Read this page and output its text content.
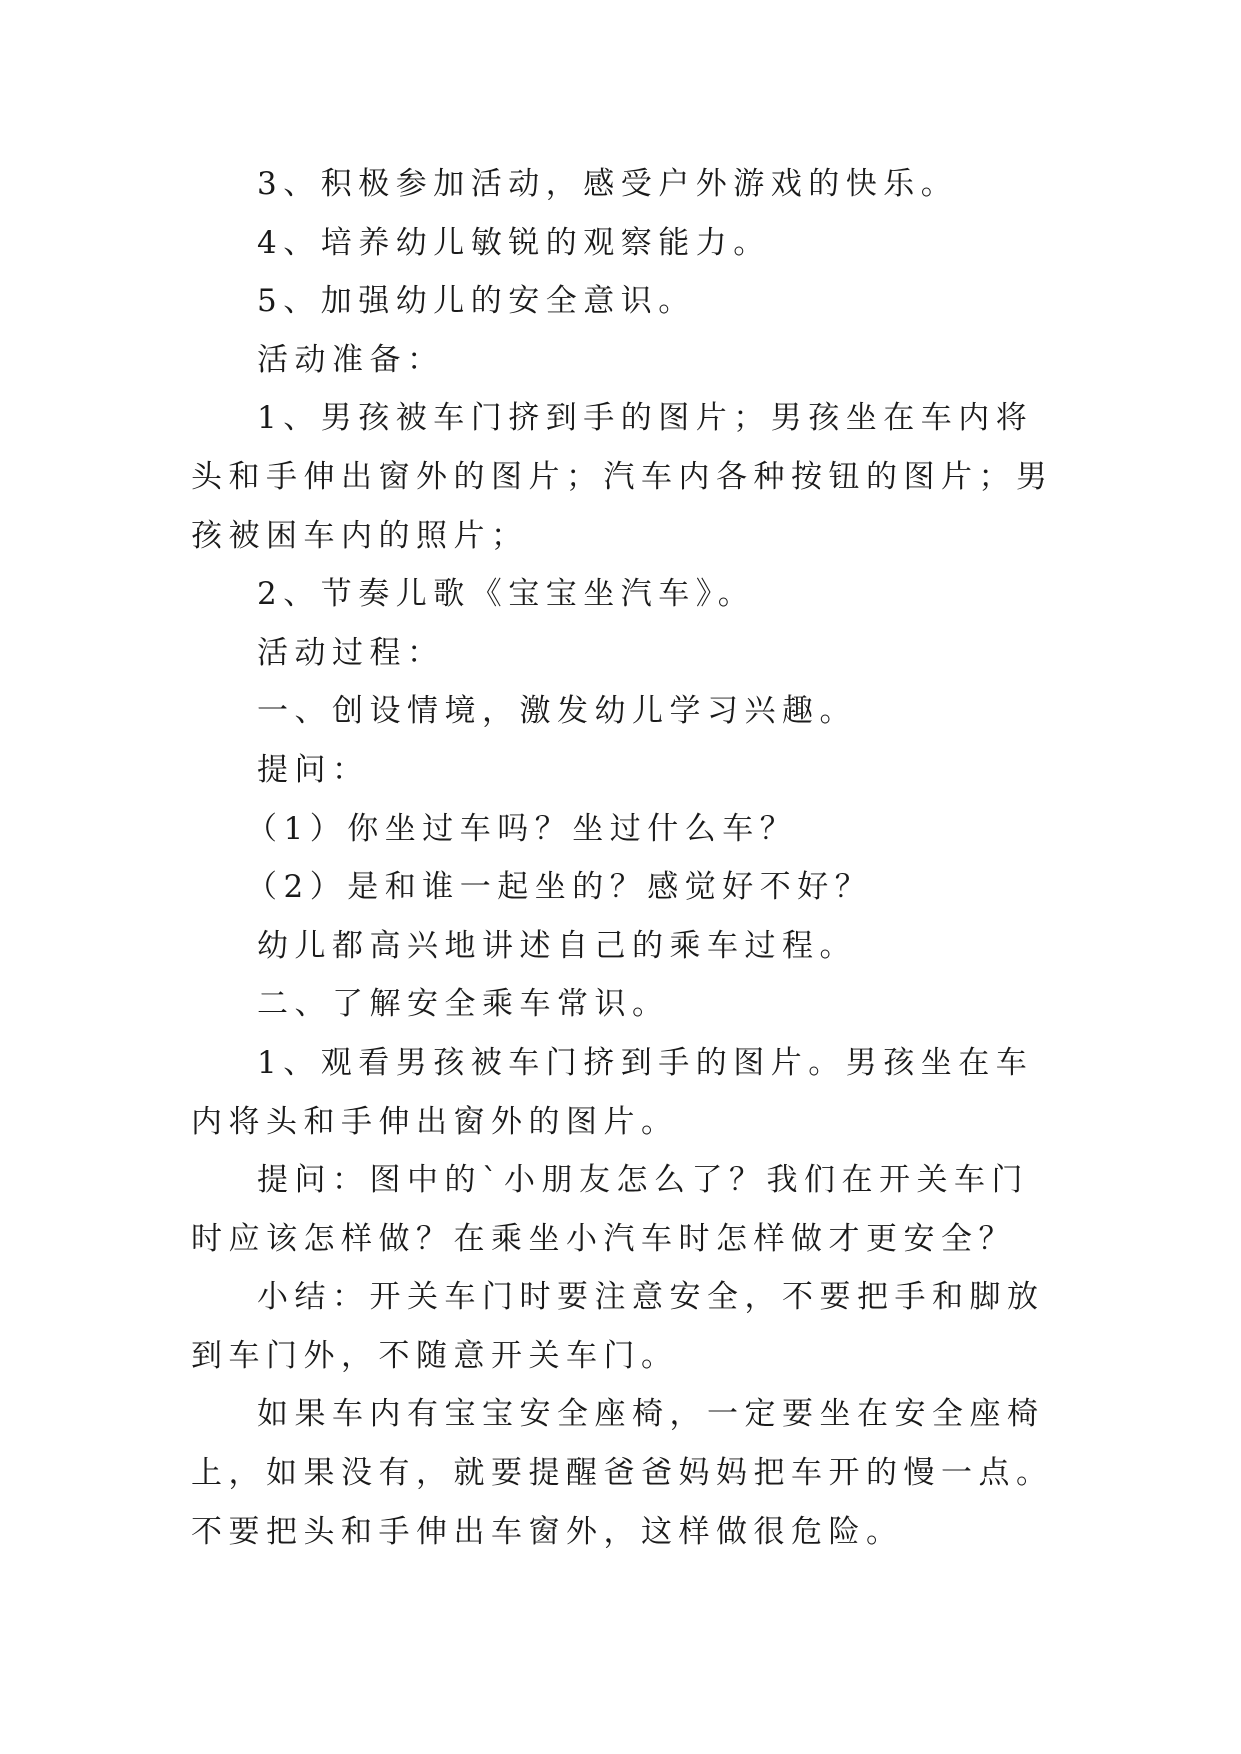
3、积极参加活动，感受户外游戏的快乐。

4、培养幼儿敏锐的观察能力。

5、加强幼儿的安全意识。

活动准备：

1、男孩被车门挤到手的图片；男孩坐在车内将头和手伸出窗外的图片；汽车内各种按钮的图片；男孩被困车内的照片；

2、节奏儿歌《宝宝坐汽车》。

活动过程：

一、创设情境，激发幼儿学习兴趣。

提问：

（1）你坐过车吗？坐过什么车？

（2）是和谁一起坐的？感觉好不好？

幼儿都高兴地讲述自己的乘车过程。

二、了解安全乘车常识。

1、观看男孩被车门挤到手的图片。男孩坐在车内将头和手伸出窗外的图片。

提问：图中的`小朋友怎么了？我们在开关车门时应该怎样做？在乘坐小汽车时怎样做才更安全？

小结：开关车门时要注意安全，不要把手和脚放到车门外，不随意开关车门。

如果车内有宝宝安全座椅，一定要坐在安全座椅上，如果没有，就要提醒爸爸妈妈把车开的慢一点。不要把头和手伸出车窗外，这样做很危险。
